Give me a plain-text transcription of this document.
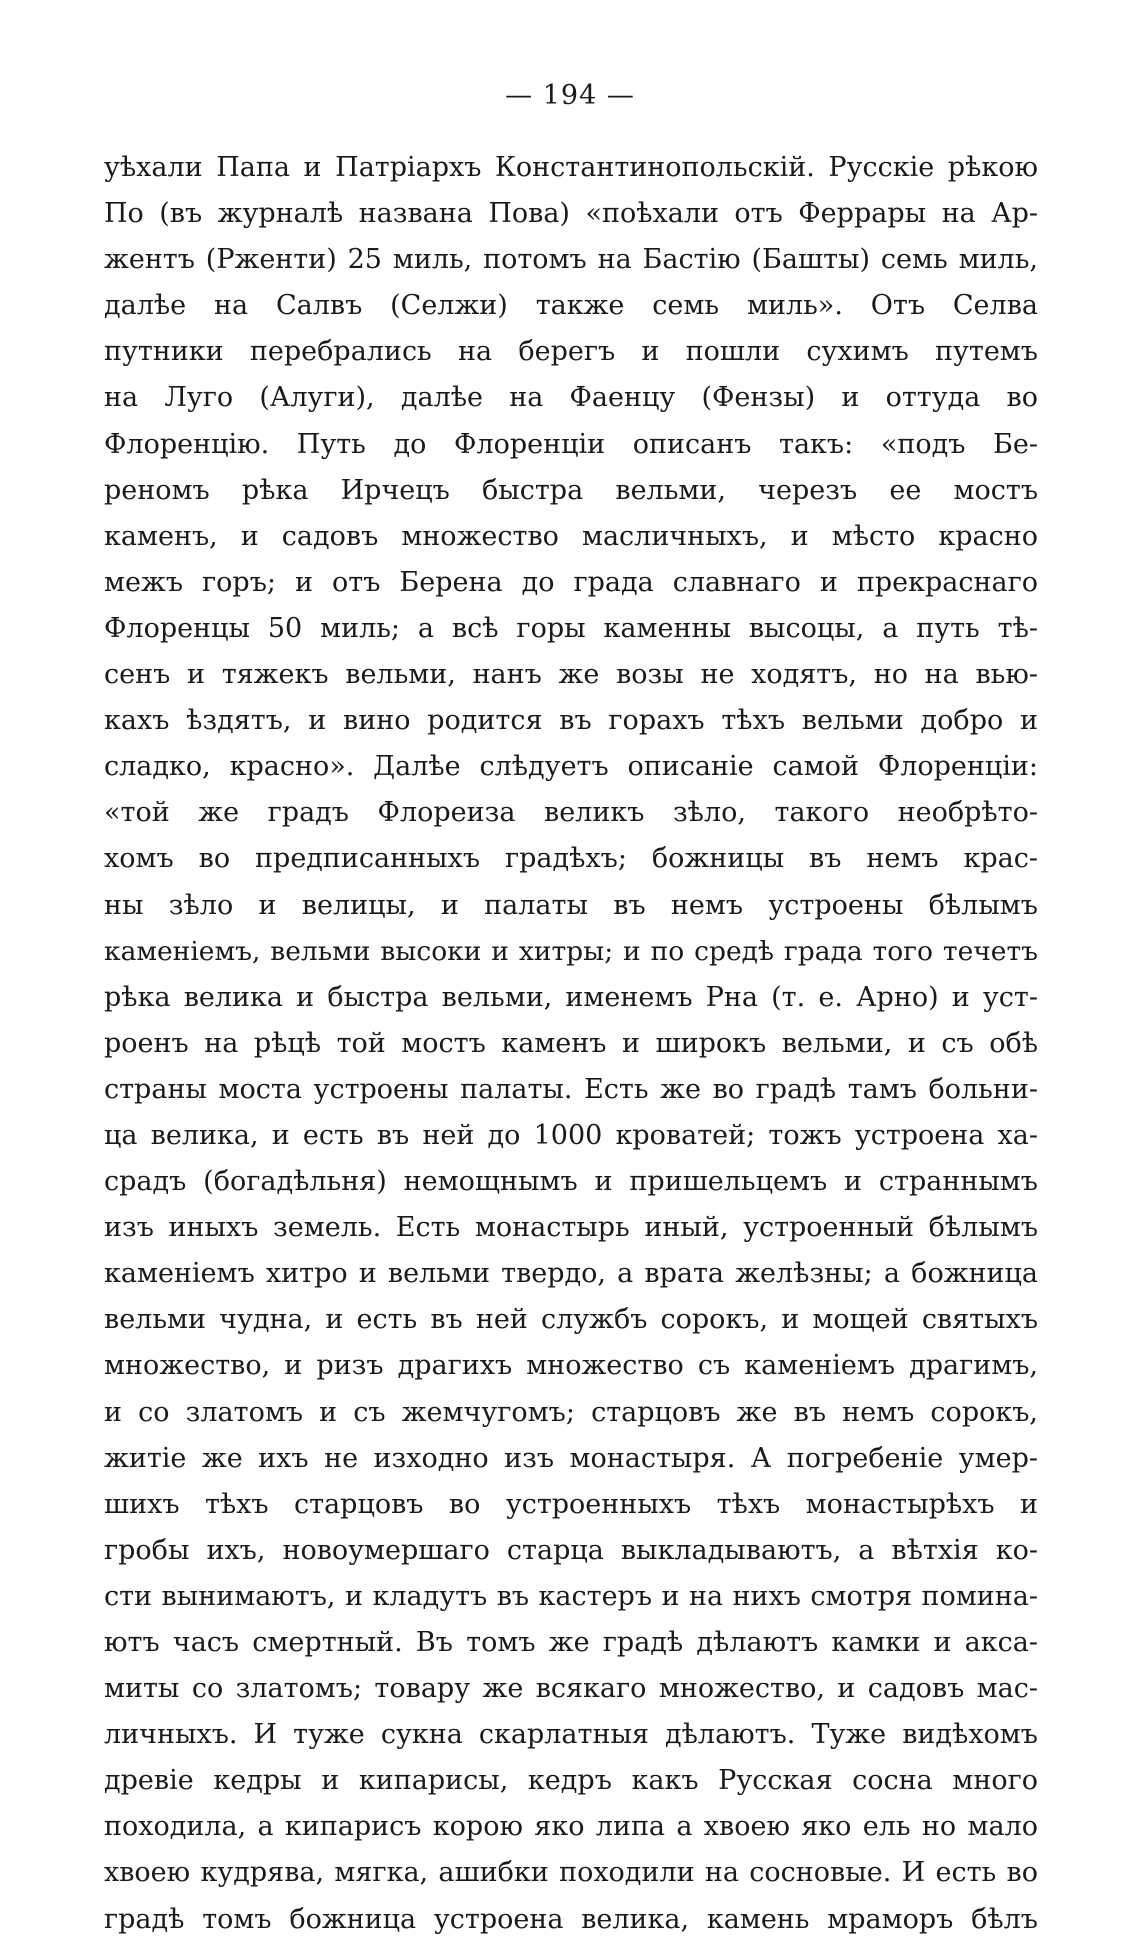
— 194 —
уѣхали Папа и Патріархъ Константинопольскій. Русскіе рѣкою
По (въ журналѣ названа Пова) «поѣхали отъ Феррары на Ар-
жентъ (Рженти) 25 миль, потомъ на Бастію (Башты) семь миль,
далѣе на Салвъ (Селжи) также семь миль». Отъ Селва
путники перебрались на берегъ и пошли сухимъ путемъ
на Луго (Алуги), далѣе на Фаенцу (Фензы) и оттуда во
Флоренцію. Путь до Флоренціи описанъ такъ: «подъ Бе-
реномъ рѣка Ирчецъ быстра вельми, черезъ ее мостъ
каменъ, и садовъ множество масличныхъ, и мѣсто красно
межъ горъ; и отъ Берена до града славнаго и прекраснаго
Флоренцы 50 миль; а всѣ горы каменны высоцы, а путь тѣ-
сенъ и тяжекъ вельми, нанъ же возы не ходятъ, но на вью-
кахъ ѣздятъ, и вино родится въ горахъ тѣхъ вельми добро и
сладко, красно». Далѣе слѣдуетъ описаніе самой Флоренціи:
«той же градъ Флореиза великъ зѣло, такого необрѣто-
хомъ во предписанныхъ градѣхъ; божницы въ немъ крас-
ны зѣло и велицы, и палаты въ немъ устроены бѣлымъ
каменіемъ, вельми высоки и хитры; и по средѣ града того течетъ
рѣка велика и быстра вельми, именемъ Рна (т. е. Арно) и уст-
роенъ на рѣцѣ той мостъ каменъ и широкъ вельми, и съ обѣ
страны моста устроены палаты. Есть же во градѣ тамъ больни-
ца велика, и есть въ ней до 1000 кроватей; тожъ устроена ха-
срадъ (богадѣльня) немощнымъ и пришельцемъ и страннымъ
изъ иныхъ земель. Есть монастырь иный, устроенный бѣлымъ
каменіемъ хитро и вельми твердо, а врата желѣзны; а божница
вельми чудна, и есть въ ней службъ сорокъ, и мощей святыхъ
множество, и ризъ драгихъ множество съ каменіемъ драгимъ,
и со златомъ и съ жемчугомъ; старцовъ же въ немъ сорокъ,
житіе же ихъ не изходно изъ монастыря. А погребеніе умер-
шихъ тѣхъ старцовъ во устроенныхъ тѣхъ монастырѣхъ и
гробы ихъ, новоумершаго старца выкладываютъ, а вѣтхія ко-
сти вынимаютъ, и кладутъ въ кастеръ и на нихъ смотря помина-
ютъ часъ смертный. Въ томъ же градѣ дѣлаютъ камки и акса-
миты со златомъ; товару же всякаго множество, и садовъ мас-
личныхъ. И туже сукна скарлатныя дѣлаютъ. Туже видѣхомъ
древіе кедры и кипарисы, кедръ какъ Русская сосна много
походила, а кипарисъ корою яко липа а хвоею яко ель но мало
хвоею кудрява, мягка, ашибки походили на сосновые. И есть во
градѣ томъ божница устроена велика, камень мраморъ бѣлъ
